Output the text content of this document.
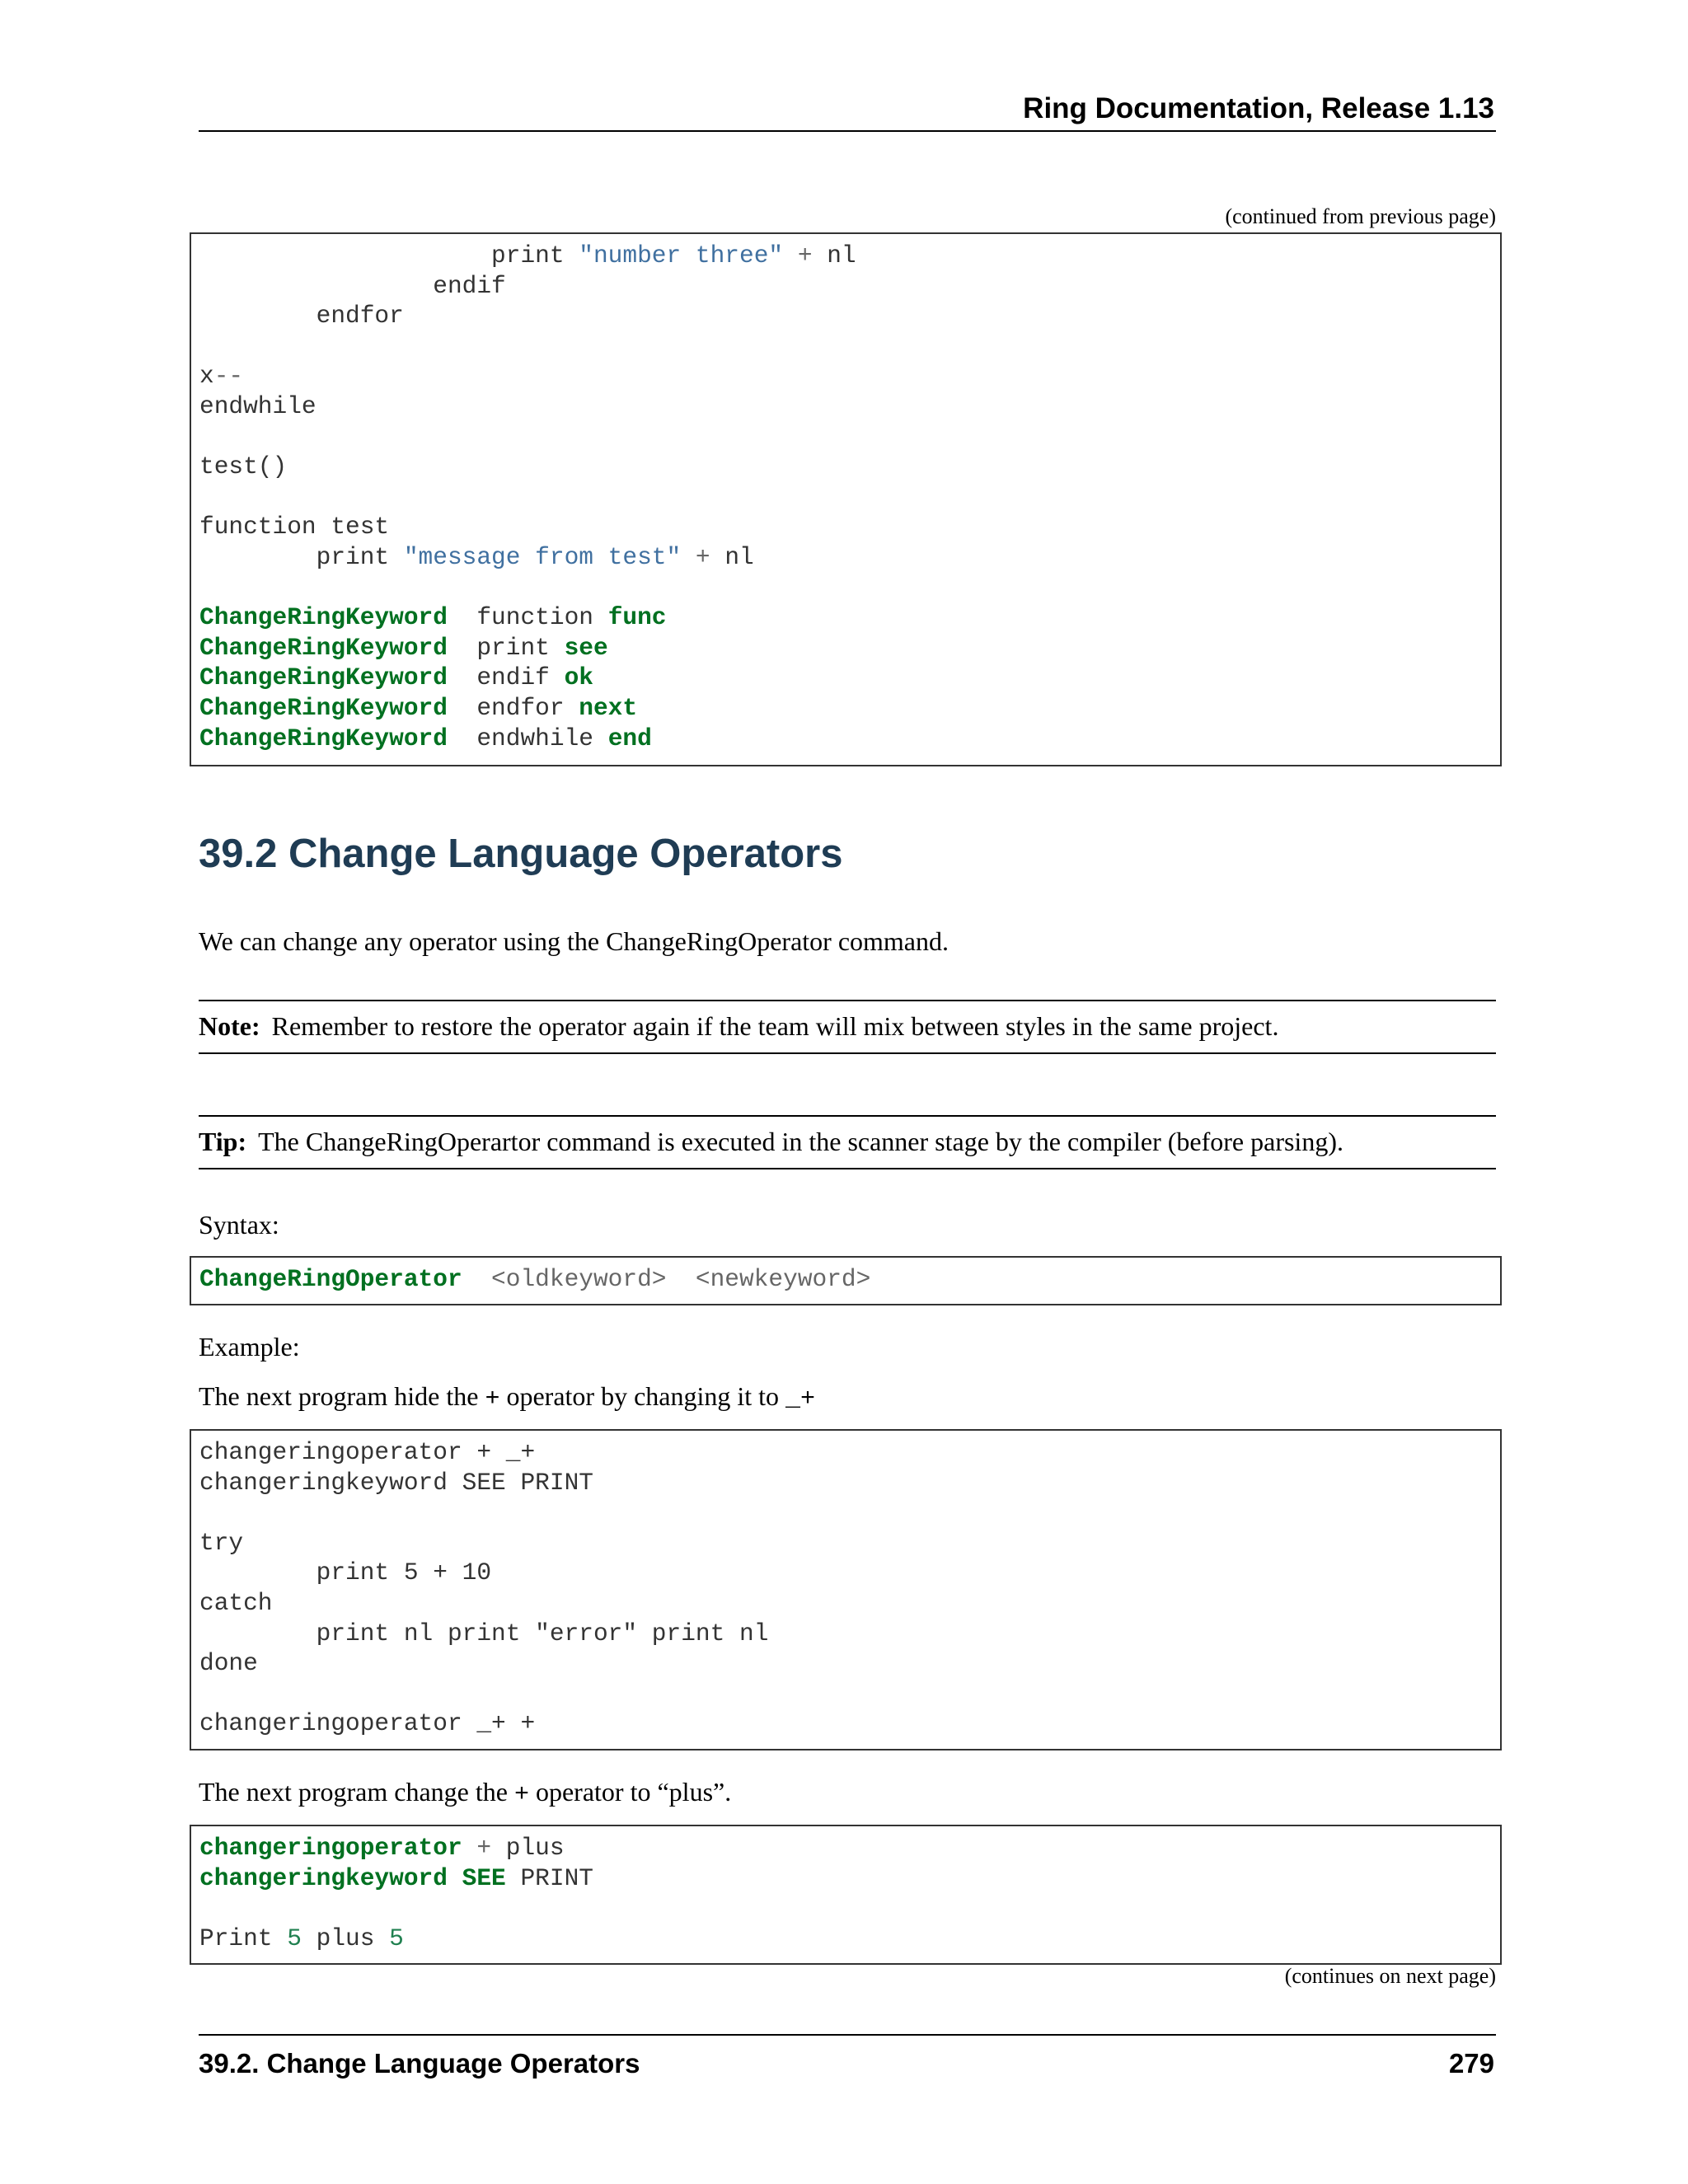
Ring Documentation, Release 1.13
(continued from previous page)
print "number three" + nl
endif
endfor
x--
endwhile
test()
function test
print "message from test" + nl
ChangeRingKeyword  function func
ChangeRingKeyword  print see
ChangeRingKeyword  endif ok
ChangeRingKeyword  endfor next
ChangeRingKeyword  endwhile end
39.2 Change Language Operators
We can change any operator using the ChangeRingOperator command.
Note: Remember to restore the operator again if the team will mix between styles in the same project.
Tip: The ChangeRingOperartor command is executed in the scanner stage by the compiler (before parsing).
Syntax:
ChangeRingOperator  <oldkeyword>  <newkeyword>
Example:
The next program hide the + operator by changing it to _+
changeringoperator + _+
changeringkeyword SEE PRINT
try
print 5 + 10
catch
print nl print "error" print nl
done
changeringoperator _+ +
The next program change the + operator to “plus”.
changeringoperator + plus
changeringkeyword SEE PRINT
Print 5 plus 5
(continues on next page)
39.2. Change Language Operators	279
